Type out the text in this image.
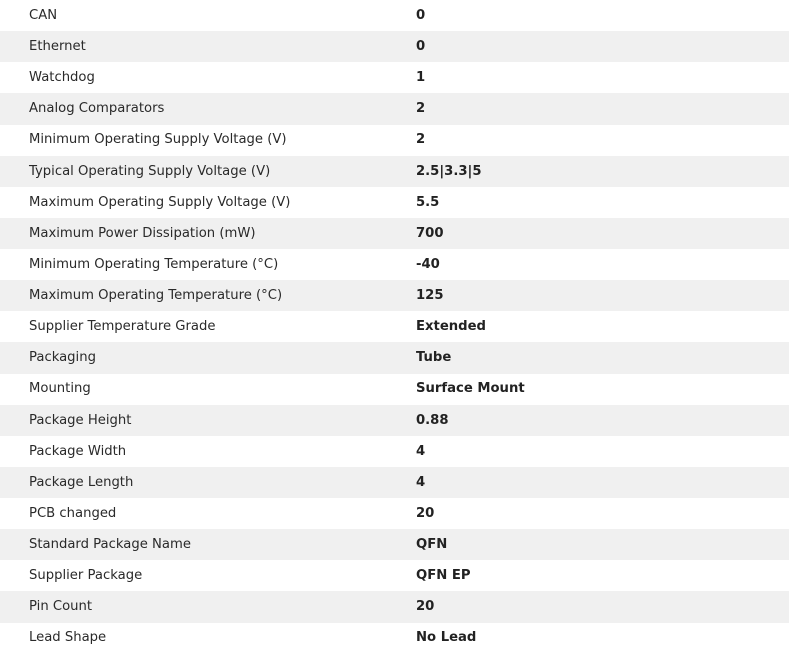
CAN	0
Ethernet	0
Watchdog	1
Analog Comparators	2
Minimum Operating Supply Voltage (V)	2
Typical Operating Supply Voltage (V)	2.5|3.3|5
Maximum Operating Supply Voltage (V)	5.5
Maximum Power Dissipation (mW)	700
Minimum Operating Temperature (°C)	-40
Maximum Operating Temperature (°C)	125
Supplier Temperature Grade	Extended
Packaging	Tube
Mounting	Surface Mount
Package Height	0.88
Package Width	4
Package Length	4
PCB changed	20
Standard Package Name	QFN
Supplier Package	QFN EP
Pin Count	20
Lead Shape	No Lead
